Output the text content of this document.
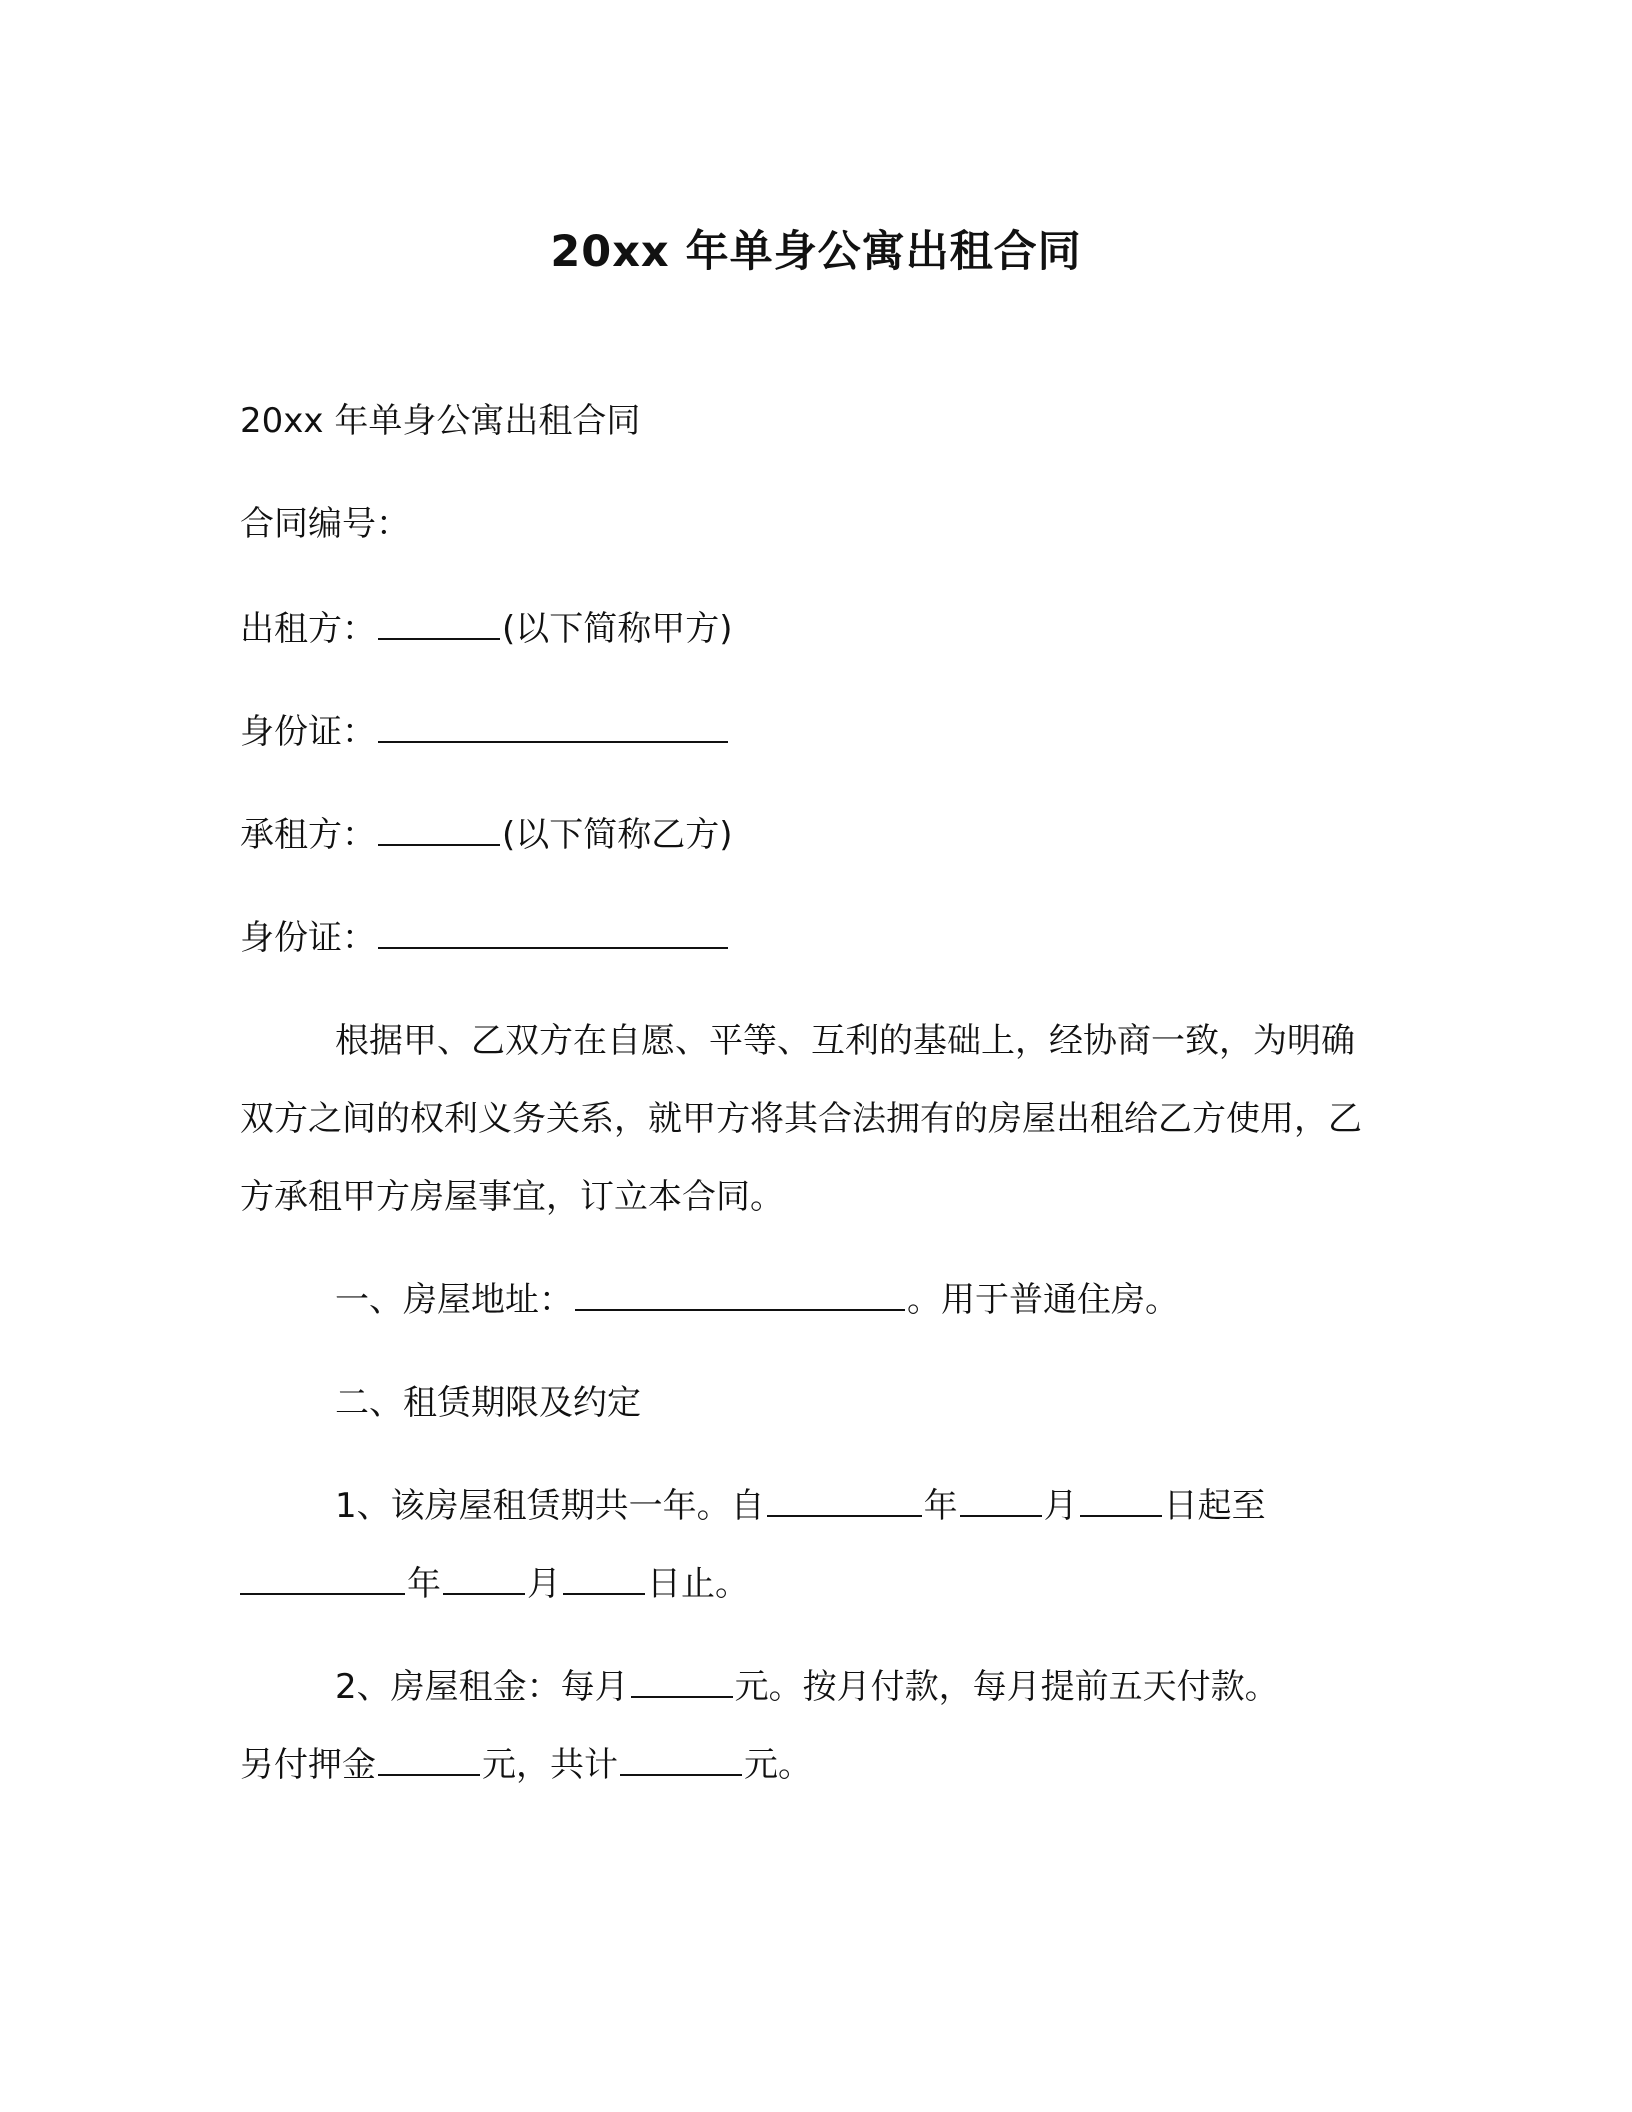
20xx 年单身公寓出租合同

20xx 年单身公寓出租合同

合同编号：

出租方：	(以下简称甲方)

身份证：

承租方：	(以下简称乙方)

身份证：

根据甲、乙双方在自愿、平等、互利的基础上，经协商一致，为明确双方之间的权利义务关系，就甲方将其合法拥有的房屋出租给乙方使用，乙方承租甲方房屋事宜，订立本合同。

一、房屋地址：	。用于普通住房。

二、租赁期限及约定

1、该房屋租赁期共一年。自	年	月	日起至

年	月	日止。

2、房屋租金：每月	元。按月付款，每月提前五天付款。

另付押金	元，共计	元。
